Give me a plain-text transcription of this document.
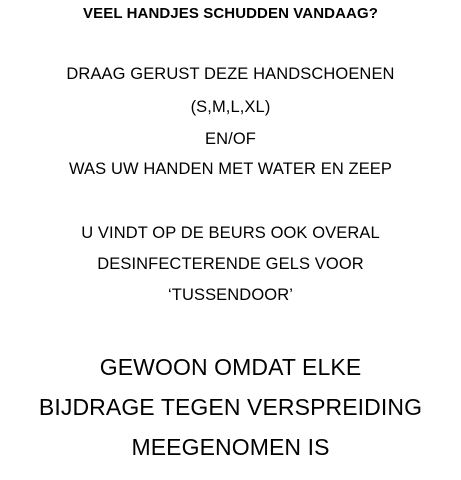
VEEL HANDJES SCHUDDEN VANDAAG?
DRAAG GERUST DEZE HANDSCHOENEN
(S,M,L,XL)
EN/OF
WAS UW HANDEN MET WATER EN ZEEP
U VINDT OP DE BEURS OOK OVERAL
DESINFECTERENDE GELS VOOR
‘TUSSENDOOR’
GEWOON OMDAT ELKE
BIJDRAGE TEGEN VERSPREIDING
MEEGENOMEN IS
